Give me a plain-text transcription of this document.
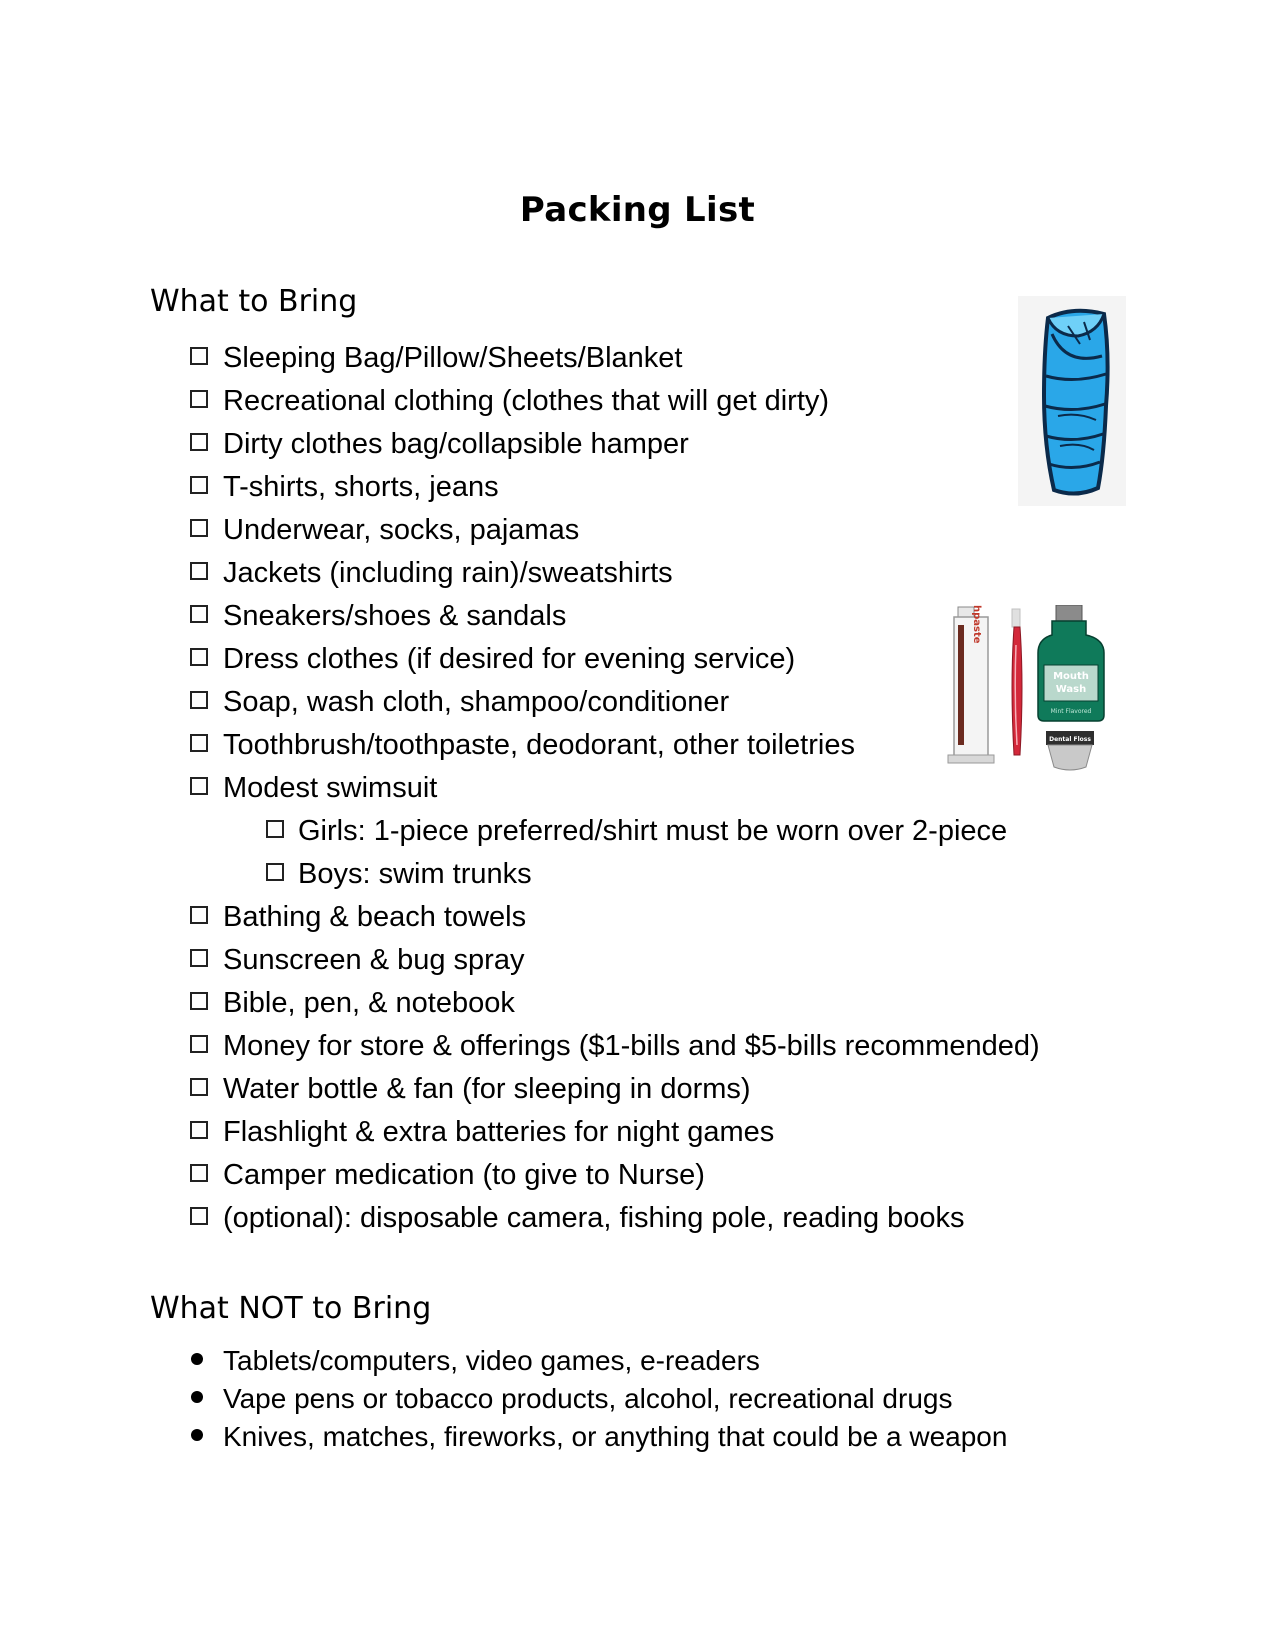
Packing List
What to Bring
Sleeping Bag/Pillow/Sheets/Blanket
Recreational clothing (clothes that will get dirty)
Dirty clothes bag/collapsible hamper
T-shirts, shorts, jeans
Underwear, socks, pajamas
Jackets (including rain)/sweatshirts
Sneakers/shoes & sandals
Dress clothes (if desired for evening service)
Soap, wash cloth, shampoo/conditioner
Toothbrush/toothpaste, deodorant, other toiletries
Modest swimsuit
Girls: 1-piece preferred/shirt must be worn over 2-piece
Boys: swim trunks
Bathing & beach towels
Sunscreen & bug spray
Bible, pen, & notebook
Money for store & offerings ($1-bills and $5-bills recommended)
Water bottle & fan (for sleeping in dorms)
Flashlight & extra batteries for night games
Camper medication (to give to Nurse)
(optional): disposable camera, fishing pole, reading books
What NOT to Bring
Tablets/computers, video games, e-readers
Vape pens or tobacco products, alcohol, recreational drugs
Knives, matches, fireworks, or anything that could be a weapon
Toothpaste
Mouth
Wash
Mint Flavored
Dental Floss
